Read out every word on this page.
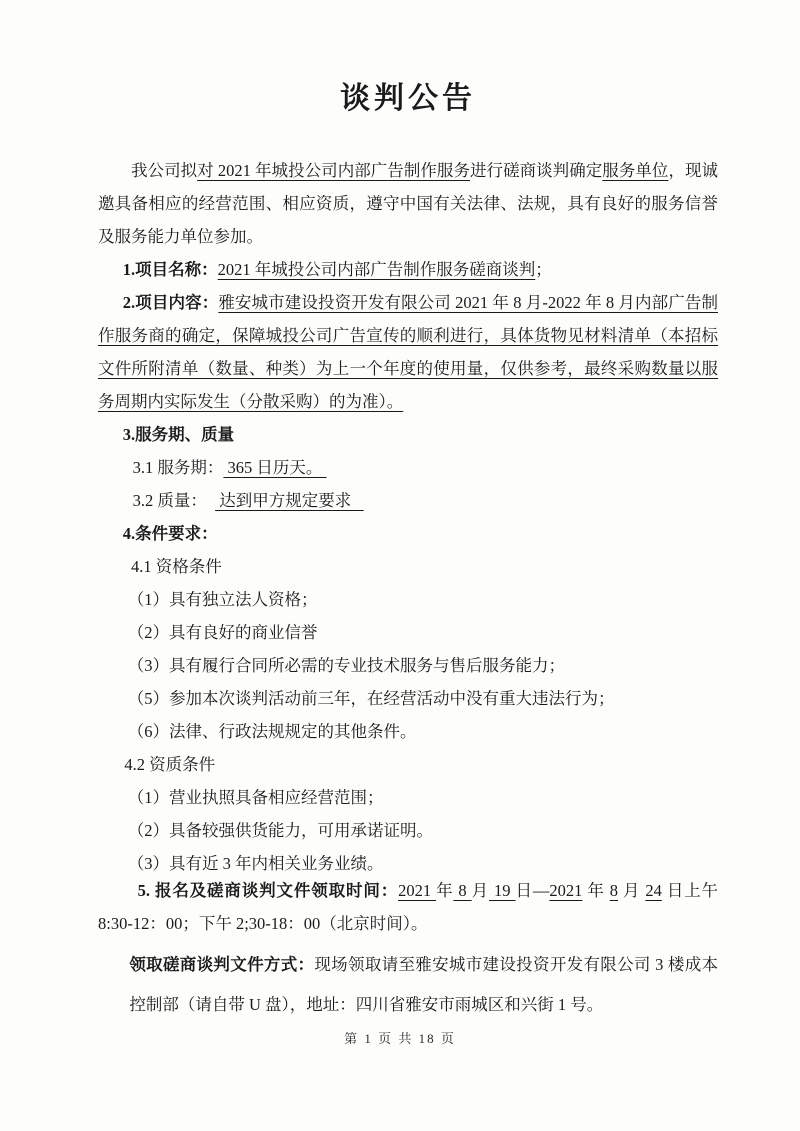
谈判公告

我公司拟对 2021 年城投公司内部广告制作服务进行磋商谈判确定服务单位，现诚邀具备相应的经营范围、相应资质，遵守中国有关法律、法规，具有良好的服务信誉及服务能力单位参加。

1.项目名称：2021 年城投公司内部广告制作服务磋商谈判；

2.项目内容：雅安城市建设投资开发有限公司 2021 年 8 月-2022 年 8 月内部广告制作服务商的确定，保障城投公司广告宣传的顺利进行，具体货物见材料清单（本招标文件所附清单（数量、种类）为上一个年度的使用量，仅供参考，最终采购数量以服务周期内实际发生（分散采购）的为准）。

3.服务期、质量

3.1 服务期： 365 日历天。

3.2 质量：   达到甲方规定要求

4.条件要求：

4.1 资格条件

（1）具有独立法人资格；

（2）具有良好的商业信誉

（3）具有履行合同所必需的专业技术服务与售后服务能力；

（5）参加本次谈判活动前三年，在经营活动中没有重大违法行为；

（6）法律、行政法规规定的其他条件。

4.2 资质条件

（1）营业执照具备相应经营范围；

（2）具备较强供货能力，可用承诺证明。

（3）具有近 3 年内相关业务业绩。

5. 报名及磋商谈判文件领取时间：2021 年 8 月 19 日—2021 年 8 月 24 日上午8:30-12：00；下午 2;30-18：00（北京时间）。

领取磋商谈判文件方式：现场领取请至雅安城市建设投资开发有限公司 3 楼成本控制部（请自带 U 盘），地址：四川省雅安市雨城区和兴街 1 号。

第 1 页 共 18 页
